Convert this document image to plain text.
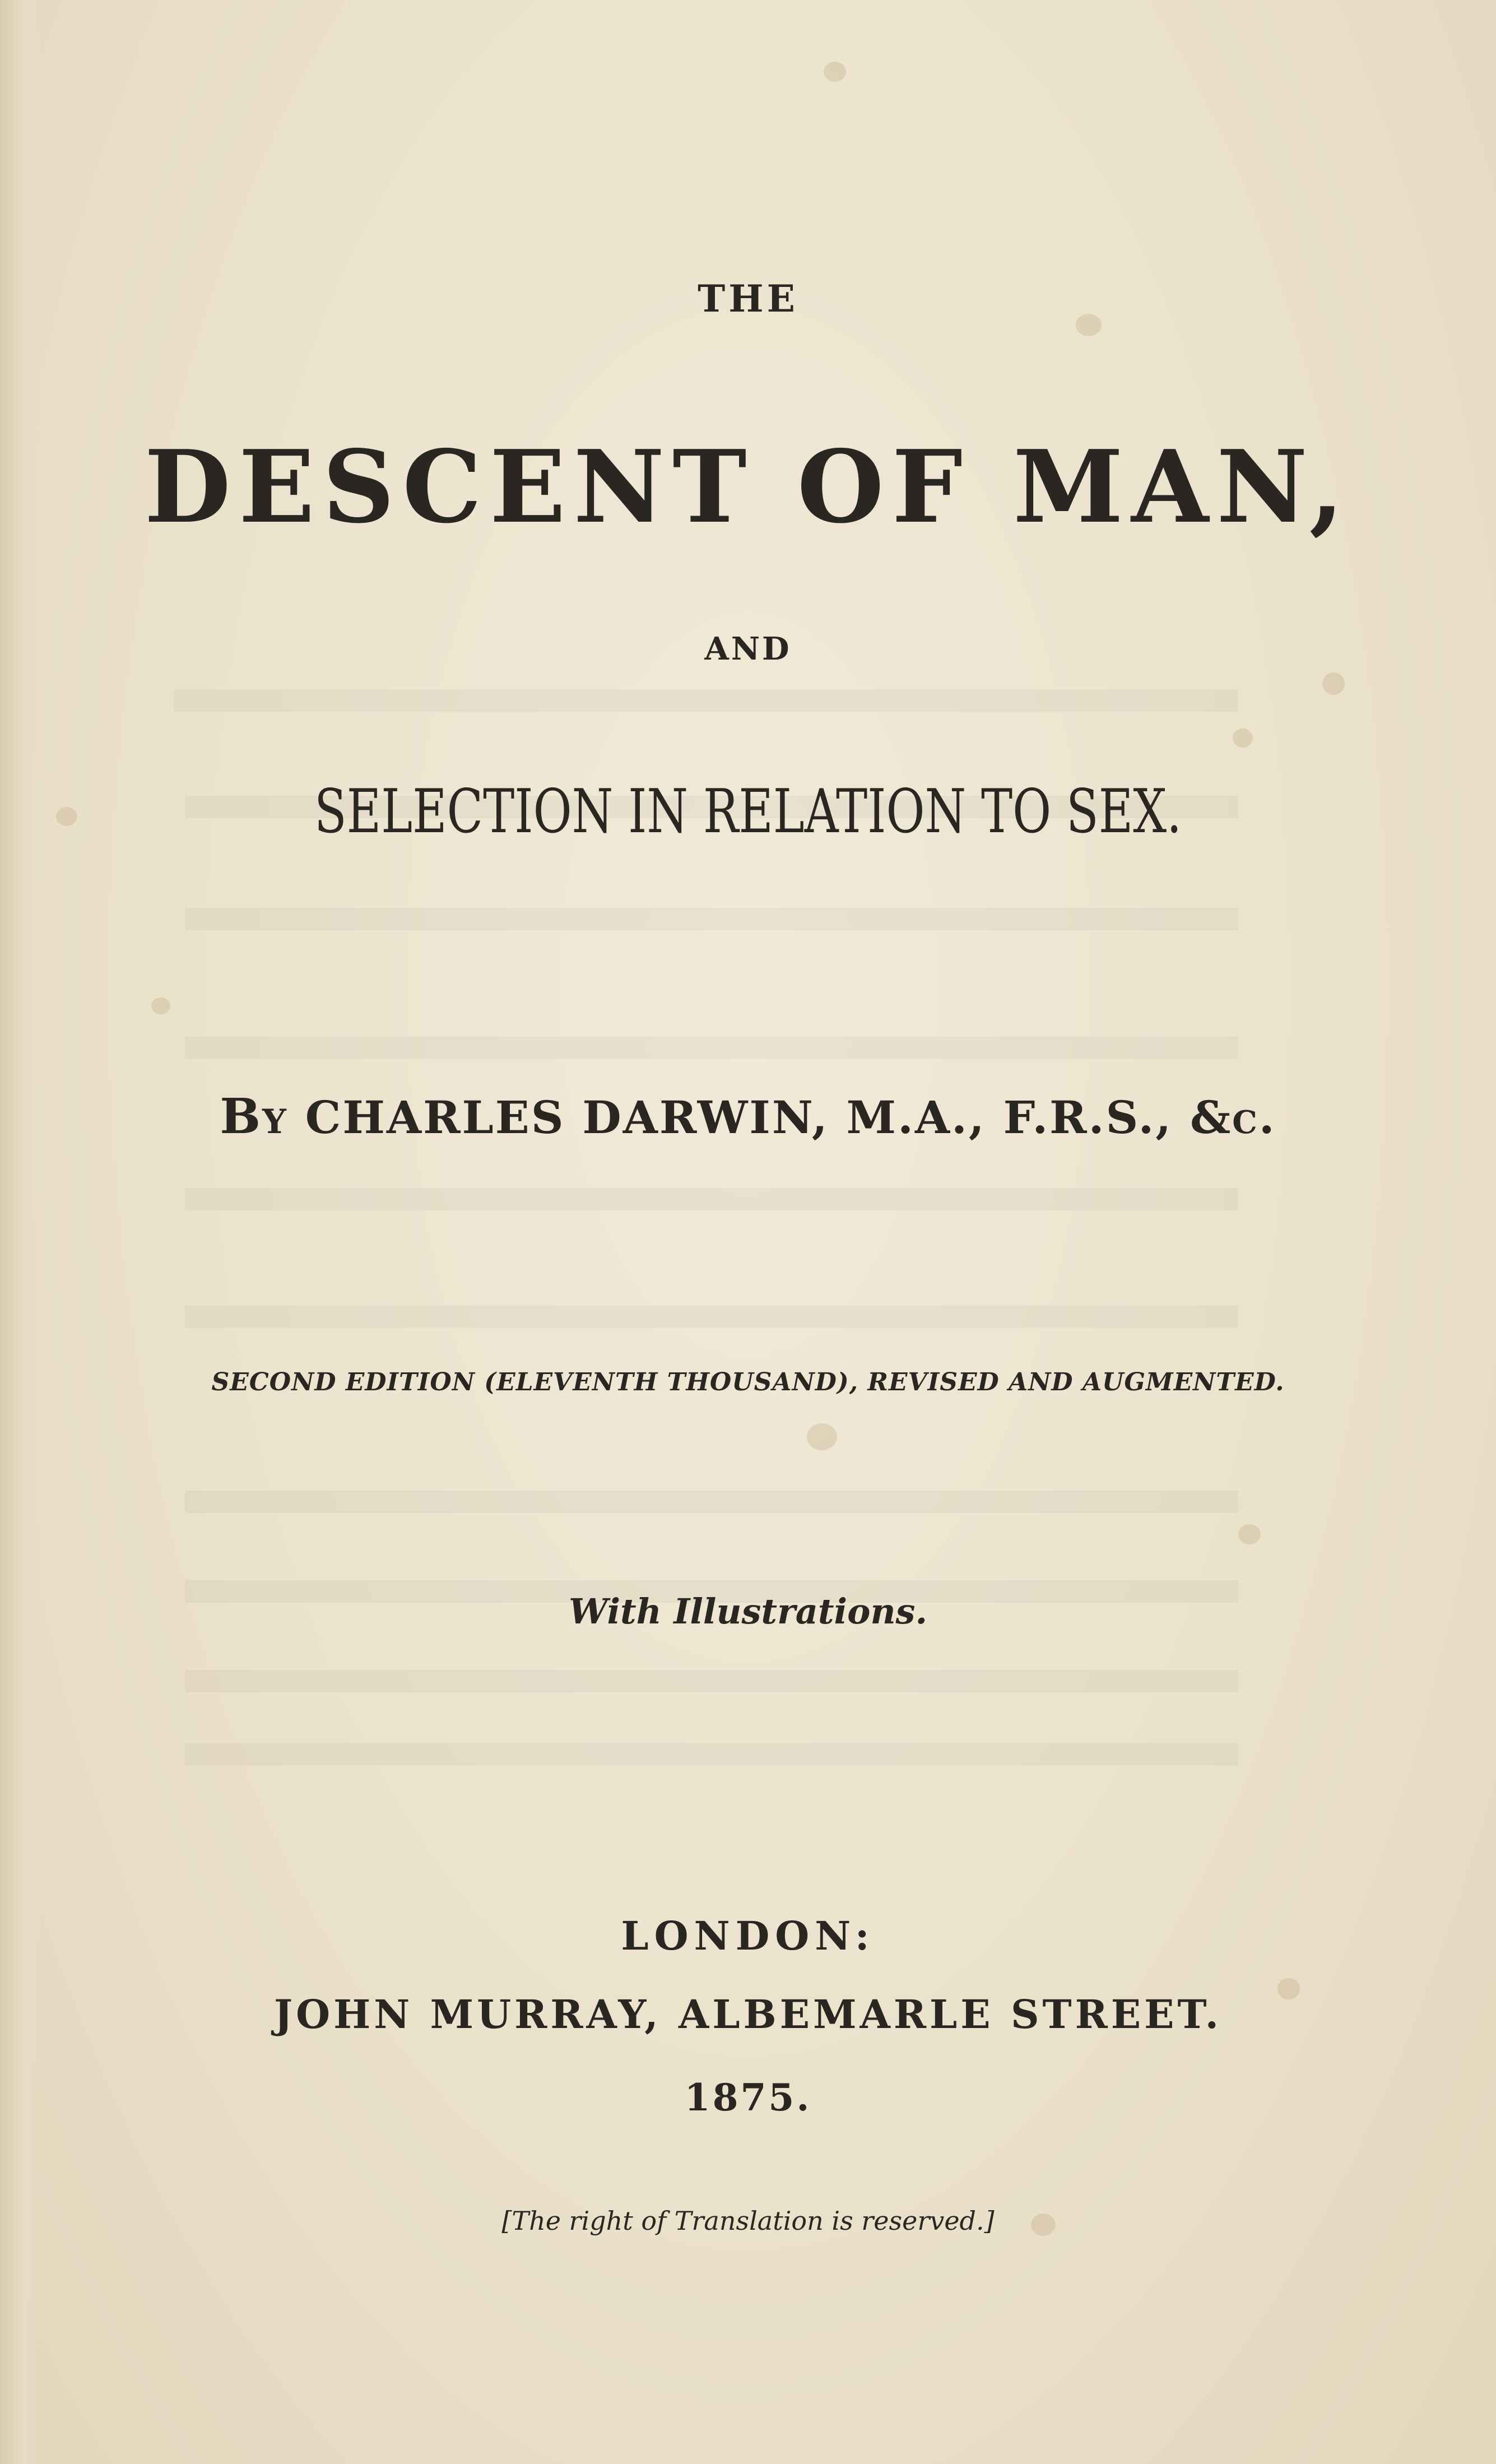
THE
DESCENT OF MAN,
AND
SELECTION IN RELATION TO SEX.
By CHARLES DARWIN, M.A., F.R.S., &c.
SECOND EDITION (ELEVENTH THOUSAND), REVISED AND AUGMENTED.
With Illustrations.
LONDON:
JOHN MURRAY, ALBEMARLE STREET.
1875.
[The right of Translation is reserved.]
